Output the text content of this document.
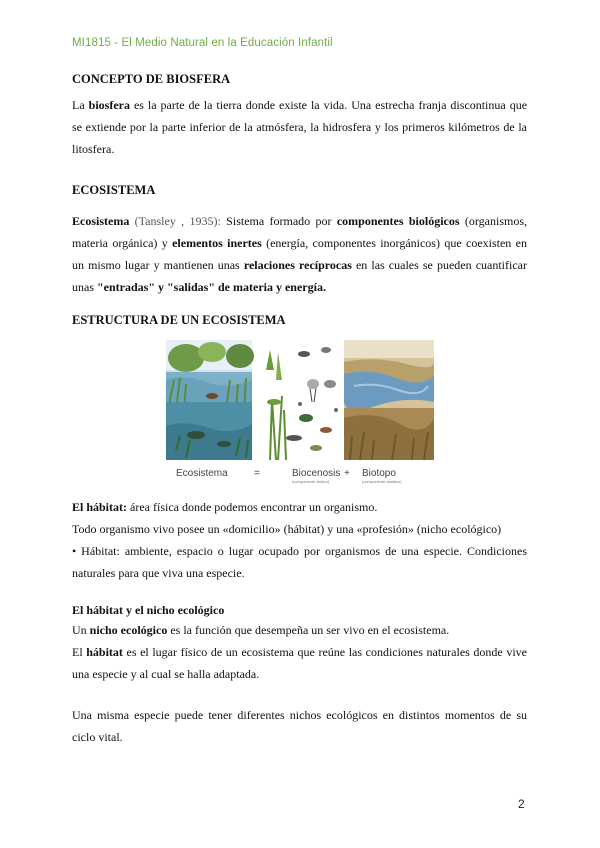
MI1815 - El Medio Natural en la Educación Infantil
CONCEPTO DE BIOSFERA
La biosfera es la parte de la tierra donde existe la vida. Una estrecha franja discontinua que
se extiende por la parte inferior de la atmósfera, la hidrosfera y los primeros kilómetros de la
litosfera.
ECOSISTEMA
Ecosistema (Tansley , 1935): Sistema formado por componentes biológicos (organismos,
materia orgánica) y elementos inertes (energía, componentes inorgánicos) que coexisten en
un mismo lugar y mantienen unas relaciones recíprocas en las cuales se pueden cuantificar
unas "entradas" y "salidas" de materia y energía.
ESTRUCTURA DE UN ECOSISTEMA
Ecosistema	=	Biocenosis + Biotopo
(componente biótico)	(componente abiótico)
El hábitat: área física donde podemos encontrar un organismo.
Todo organismo vivo posee un «domicilio» (hábitat) y una «profesión» (nicho ecológico)
• Hábitat: ambiente, espacio o lugar ocupado por organismos de una especie. Condiciones
naturales para que viva una especie.
El hábitat y el nicho ecológico
Un nicho ecológico es la función que desempeña un ser vivo en el ecosistema.
El hábitat es el lugar físico de un ecosistema que reúne las condiciones naturales donde vive
una especie y al cual se halla adaptada.
Una misma especie puede tener diferentes nichos ecológicos en distintos momentos de su
ciclo vital.
2
